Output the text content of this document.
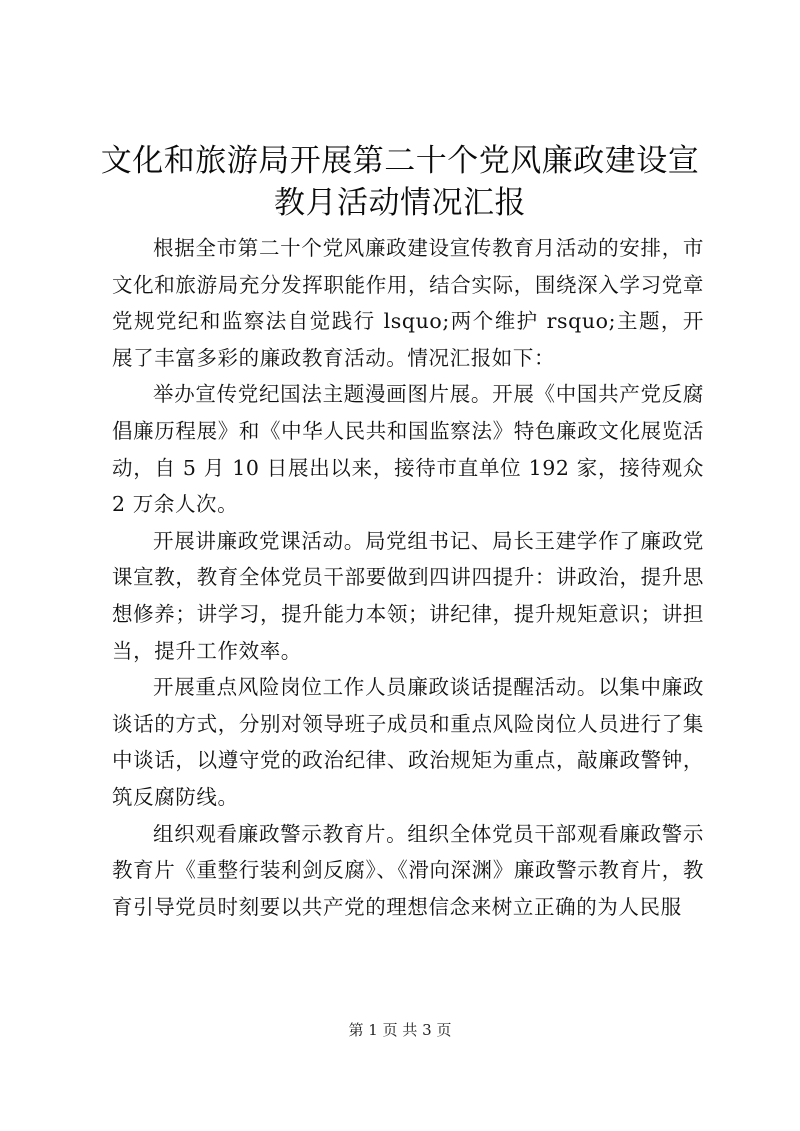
文化和旅游局开展第二十个党风廉政建设宣教月活动情况汇报

根据全市第二十个党风廉政建设宣传教育月活动的安排，市文化和旅游局充分发挥职能作用，结合实际，围绕深入学习党章党规党纪和监察法自觉践行 lsquo;两个维护 rsquo;主题，开展了丰富多彩的廉政教育活动。情况汇报如下：

举办宣传党纪国法主题漫画图片展。开展《中国共产党反腐倡廉历程展》和《中华人民共和国监察法》特色廉政文化展览活动，自 5 月 10 日展出以来，接待市直单位 192 家，接待观众 2 万余人次。

开展讲廉政党课活动。局党组书记、局长王建学作了廉政党课宣教，教育全体党员干部要做到四讲四提升：讲政治，提升思想修养；讲学习，提升能力本领；讲纪律，提升规矩意识；讲担当，提升工作效率。

开展重点风险岗位工作人员廉政谈话提醒活动。以集中廉政谈话的方式，分别对领导班子成员和重点风险岗位人员进行了集中谈话，以遵守党的政治纪律、政治规矩为重点，敲廉政警钟，筑反腐防线。

组织观看廉政警示教育片。组织全体党员干部观看廉政警示教育片《重整行装利剑反腐》、《滑向深渊》廉政警示教育片，教育引导党员时刻要以共产党的理想信念来树立正确的为人民服

第 1 页 共 3 页
